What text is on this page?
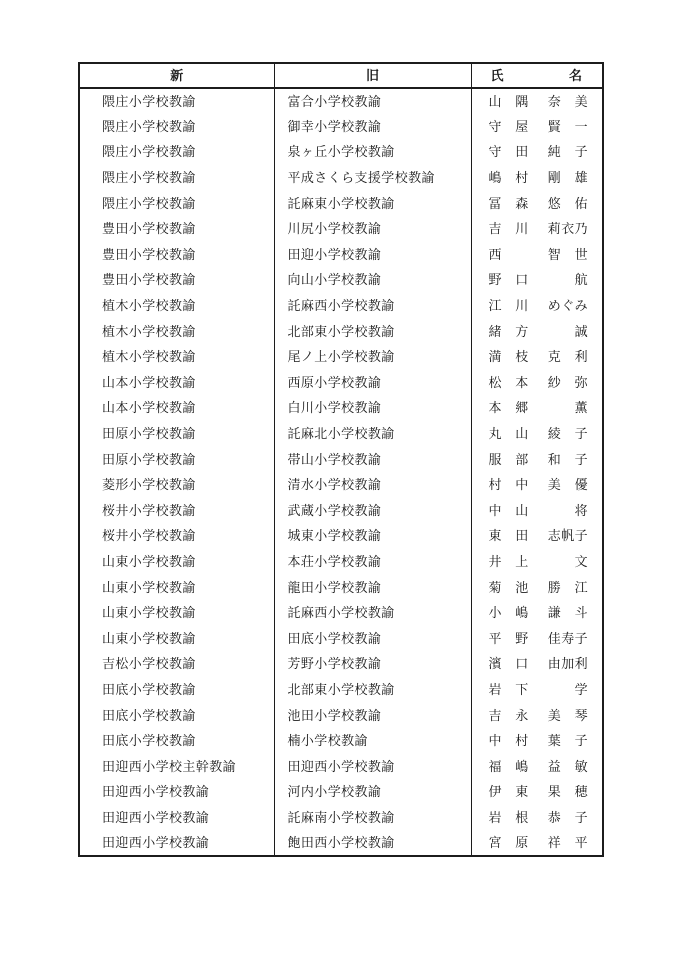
新	旧	氏 名

隈庄小学校教諭	富合小学校教諭	山　隅 奈　美

隈庄小学校教諭	御幸小学校教諭	守　屋 賢　一

隈庄小学校教諭	泉ヶ丘小学校教諭	守　田 純　子

隈庄小学校教諭	平成さくら支援学校教諭	嶋　村 剛　雄

隈庄小学校教諭	託麻東小学校教諭	冨　森 悠　佑

豊田小学校教諭	川尻小学校教諭	吉　川 莉衣乃

豊田小学校教諭	田迎小学校教諭	西 智　世

豊田小学校教諭	向山小学校教諭	野　口 航

植木小学校教諭	託麻西小学校教諭	江　川 めぐみ

植木小学校教諭	北部東小学校教諭	緒　方 誠

植木小学校教諭	尾ノ上小学校教諭	満　枝 克　利

山本小学校教諭	西原小学校教諭	松　本 紗　弥

山本小学校教諭	白川小学校教諭	本　郷 薫

田原小学校教諭	託麻北小学校教諭	丸　山 綾　子

田原小学校教諭	帯山小学校教諭	服　部 和　子

菱形小学校教諭	清水小学校教諭	村　中 美　優

桜井小学校教諭	武蔵小学校教諭	中　山 将

桜井小学校教諭	城東小学校教諭	東　田 志帆子

山東小学校教諭	本荘小学校教諭	井　上 文

山東小学校教諭	龍田小学校教諭	菊　池 勝　江

山東小学校教諭	託麻西小学校教諭	小　嶋 謙　斗

山東小学校教諭	田底小学校教諭	平　野 佳寿子

吉松小学校教諭	芳野小学校教諭	濱　口 由加利

田底小学校教諭	北部東小学校教諭	岩　下 学

田底小学校教諭	池田小学校教諭	吉　永 美　琴

田底小学校教諭	楠小学校教諭	中　村 葉　子

田迎西小学校主幹教諭	田迎西小学校教諭	福　嶋 益　敏

田迎西小学校教諭	河内小学校教諭	伊　東 果　穂

田迎西小学校教諭	託麻南小学校教諭	岩　根 恭　子

田迎西小学校教諭	飽田西小学校教諭	宮　原 祥　平
